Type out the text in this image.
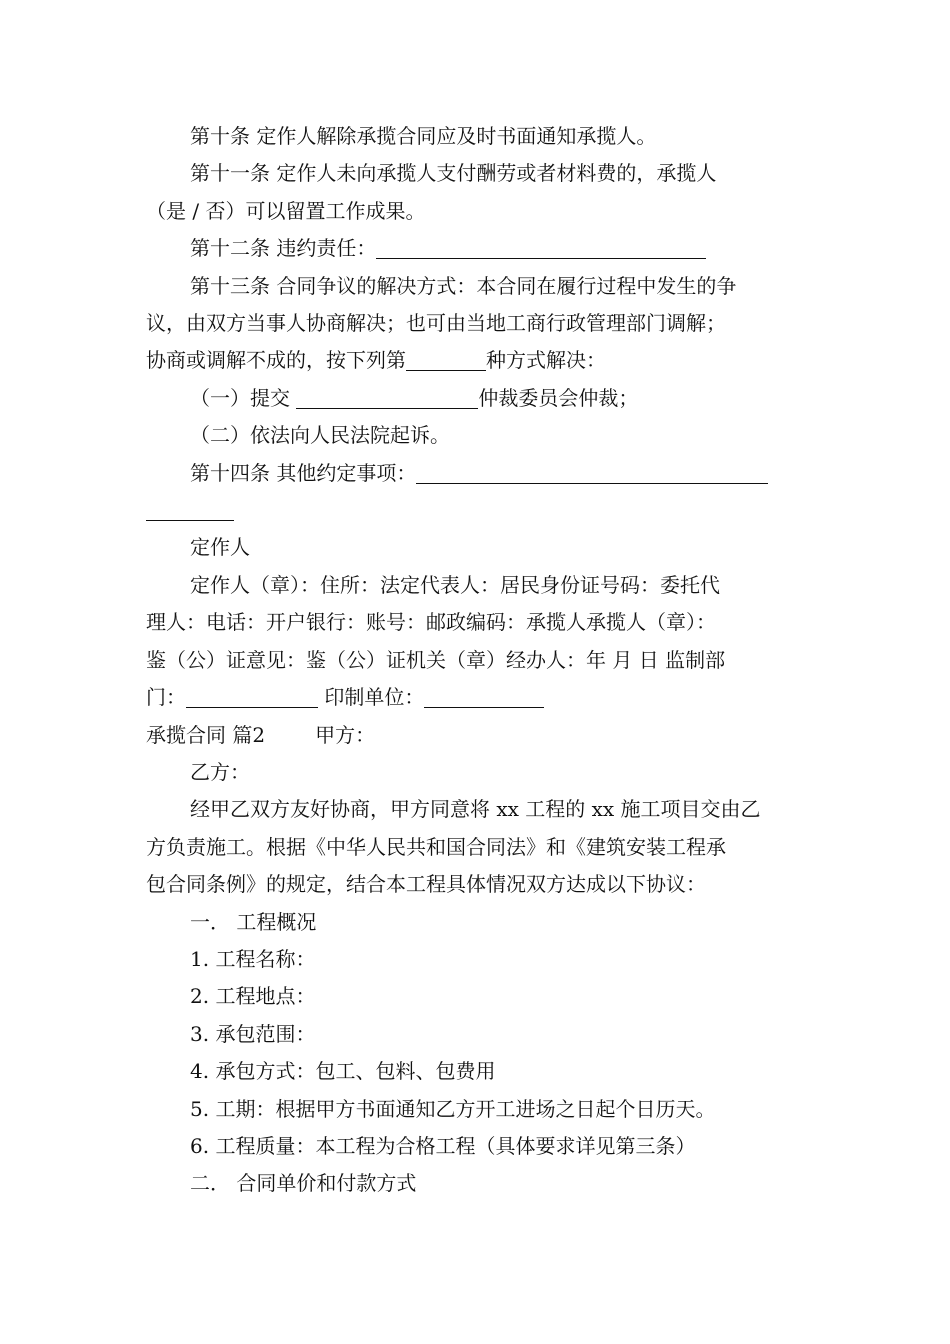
第十条 定作人解除承揽合同应及时书面通知承揽人。

第十一条 定作人未向承揽人支付酬劳或者材料费的，承揽人

（是 / 否）可以留置工作成果。

第十二条 违约责任：

第十三条 合同争议的解决方式：本合同在履行过程中发生的争

议，由双方当事人协商解决；也可由当地工商行政管理部门调解；

协商或调解不成的，按下列第	种方式解决：

（一）提交	仲裁委员会仲裁；

（二）依法向人民法院起诉。

第十四条 其他约定事项：

定作人

定作人（章）：住所：法定代表人：居民身份证号码：委托代

理人：电话：开户银行：账号：邮政编码：承揽人承揽人（章）：

鉴（公）证意见：鉴（公）证机关（章）经办人：年 月 日 监制部

门：	印制单位：

承揽合同 篇2	甲方：

乙方：

经甲乙双方友好协商，甲方同意将 xx 工程的 xx 施工项目交由乙

方负责施工。根据《中华人民共和国合同法》和《建筑安装工程承

包合同条例》的规定，结合本工程具体情况双方达成以下协议：

一． 工程概况

1. 工程名称：

2. 工程地点：

3. 承包范围：

4. 承包方式：包工、包料、包费用

5. 工期：根据甲方书面通知乙方开工进场之日起个日历天。

6. 工程质量：本工程为合格工程（具体要求详见第三条）

二． 合同单价和付款方式
